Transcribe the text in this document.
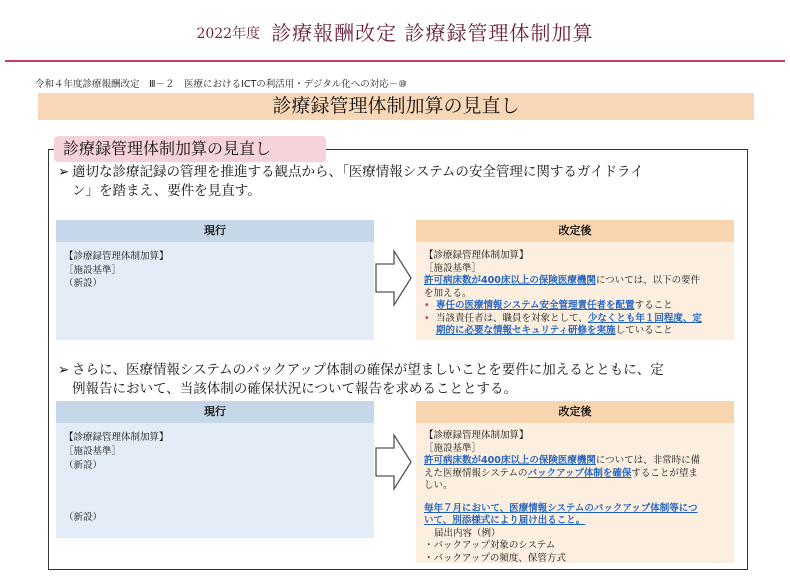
2022年度 診療報酬改定 診療録管理体制加算
令和４年度診療報酬改定　Ⅲ－２　医療におけるICTの利活用・デジタル化への対応－⑩
診療録管理体制加算の見直し
診療録管理体制加算の見直し
➢ 適切な診療記録の管理を推進する観点から、「医療情報システムの安全管理に関するガイドライ
ン」を踏まえ、要件を見直す。
現行
【診療録管理体制加算】
［施設基準］
（新設）
改定後
【診療録管理体制加算】
［施設基準］
許可病床数が400床以上の保険医療機関については、以下の要件
を加える。
• 専任の医療情報システム安全管理責任者を配置すること
• 当該責任者は、職員を対象として、少なくとも年１回程度、定
期的に必要な情報セキュリティ研修を実施していること
➢ さらに、医療情報システムのバックアップ体制の確保が望ましいことを要件に加えるとともに、定
例報告において、当該体制の確保状況について報告を求めることとする。
現行
【診療録管理体制加算】
［施設基準］
（新設）
（新設）
改定後
【診療録管理体制加算】
［施設基準］
許可病床数が400床以上の保険医療機関については、非常時に備
えた医療情報システムのバックアップ体制を確保することが望ま
しい。
毎年７月において、医療情報システムのバックアップ体制等につ
いて、別添様式により届け出ること。
届出内容（例）
・バックアップ対象のシステム
・バックアップの頻度、保管方式
